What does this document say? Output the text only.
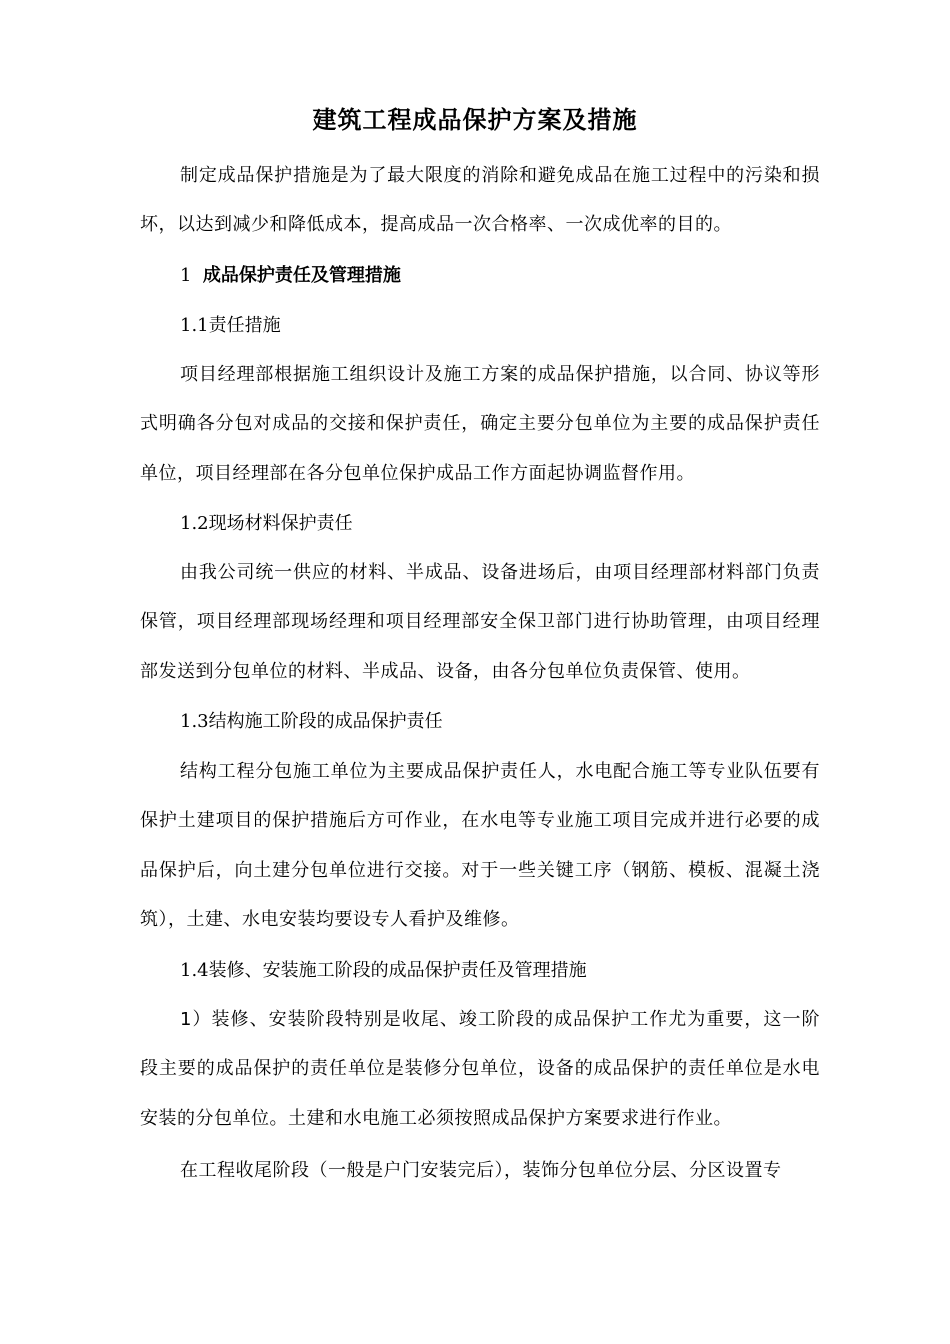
建筑工程成品保护方案及措施

制定成品保护措施是为了最大限度的消除和避免成品在施工过程中的污染和损坏，以达到减少和降低成本，提高成品一次合格率、一次成优率的目的。

1 成品保护责任及管理措施
1.1责任措施

项目经理部根据施工组织设计及施工方案的成品保护措施，以合同、协议等形式明确各分包对成品的交接和保护责任，确定主要分包单位为主要的成品保护责任单位，项目经理部在各分包单位保护成品工作方面起协调监督作用。

1.2现场材料保护责任

由我公司统一供应的材料、半成品、设备进场后，由项目经理部材料部门负责保管，项目经理部现场经理和项目经理部安全保卫部门进行协助管理，由项目经理部发送到分包单位的材料、半成品、设备，由各分包单位负责保管、使用。

1.3结构施工阶段的成品保护责任

结构工程分包施工单位为主要成品保护责任人，水电配合施工等专业队伍要有保护土建项目的保护措施后方可作业，在水电等专业施工项目完成并进行必要的成品保护后，向土建分包单位进行交接。对于一些关键工序（钢筋、模板、混凝土浇筑），土建、水电安装均要设专人看护及维修。

1.4装修、安装施工阶段的成品保护责任及管理措施

1）装修、安装阶段特别是收尾、竣工阶段的成品保护工作尤为重要，这一阶段主要的成品保护的责任单位是装修分包单位，设备的成品保护的责任单位是水电安装的分包单位。土建和水电施工必须按照成品保护方案要求进行作业。

在工程收尾阶段（一般是户门安装完后），装饰分包单位分层、分区设置专
